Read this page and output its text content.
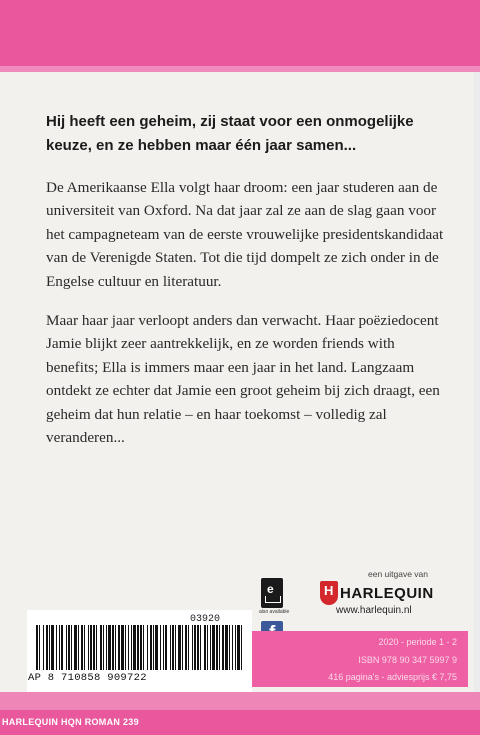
Hij heeft een geheim, zij staat voor een onmogelijke keuze, en ze hebben maar één jaar samen...

De Amerikaanse Ella volgt haar droom: een jaar studeren aan de universiteit van Oxford. Na dat jaar zal ze aan de slag gaan voor het campagneteam van de eerste vrouwelijke presidentskandidaat van de Verenigde Staten. Tot die tijd dompelt ze zich onder in de Engelse cultuur en literatuur.

Maar haar jaar verloopt anders dan verwacht. Haar poëziedocent Jamie blijkt zeer aantrekkelijk, en ze worden friends with benefits; Ella is immers maar een jaar in het land. Langzaam ontdekt ze echter dat Jamie een groot geheim bij zich draagt, een geheim dat hun relatie – en haar toekomst – volledig zal veranderen...

03920
AP 8 710858 909722
e
also available
een uitgave van
H HARLEQUIN
www.harlequin.nl
2020 - periode 1 - 2
ISBN 978 90 347 5997 9
416 pagina's - adviesprijs € 7,75
HARLEQUIN HQN ROMAN 239
